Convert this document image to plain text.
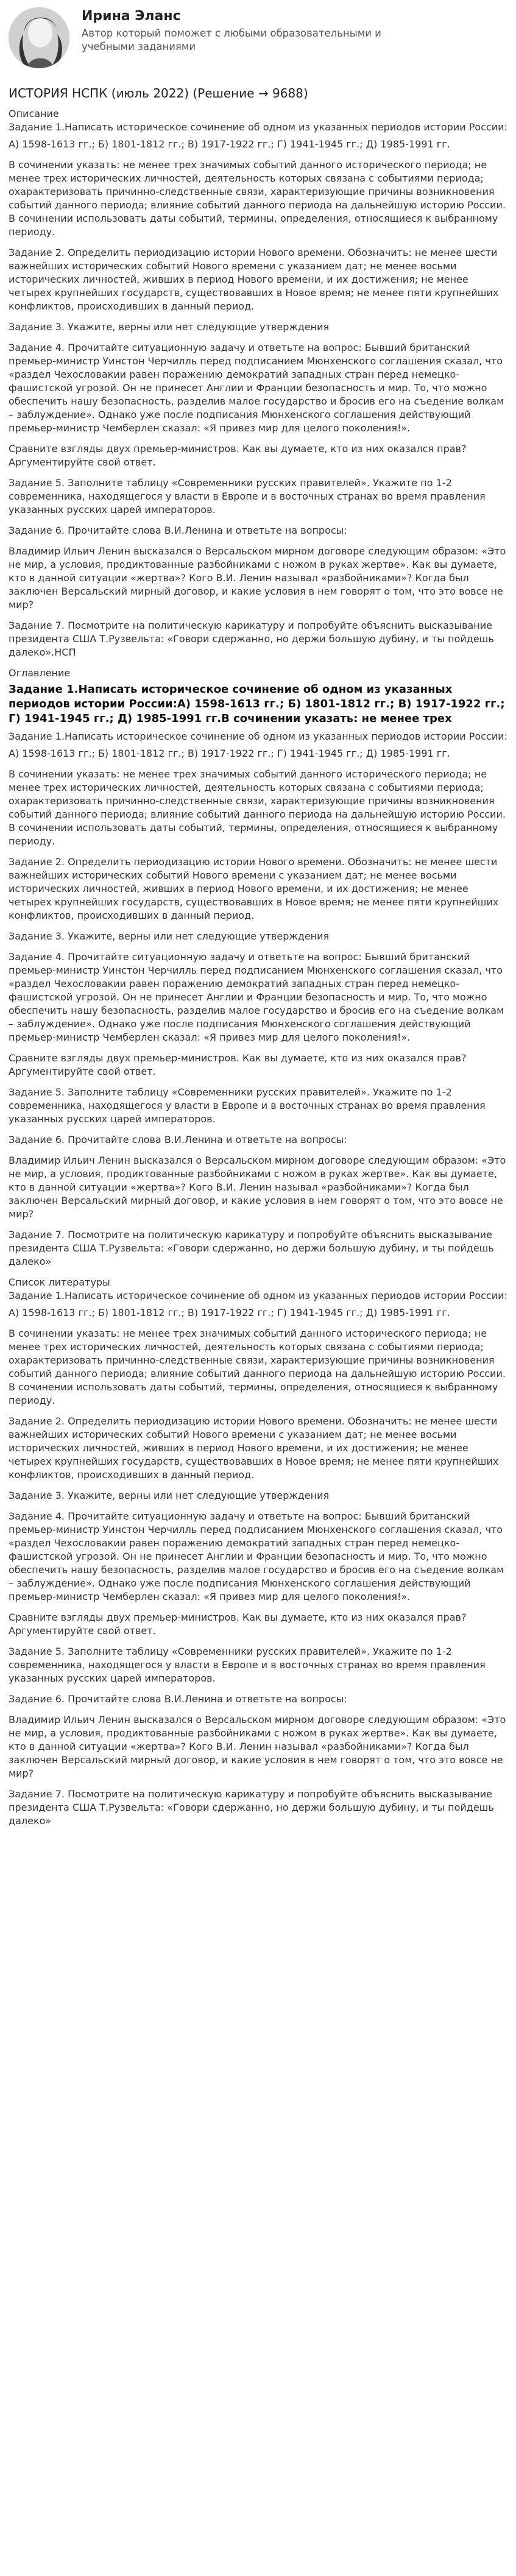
Ирина Эланс
Автор который поможет с любыми образовательными и учебными заданиями
ИСТОРИЯ НСПК (июль 2022) (Решение → 9688)
Описание
Задание 1.Написать историческое сочинение об одном из указанных периодов истории России:
А) 1598-1613 гг.; Б) 1801-1812 гг.; В) 1917-1922 гг.; Г) 1941-1945 гг.; Д) 1985-1991 гг.
В сочинении указать: не менее трех значимых событий данного исторического периода; не менее трех исторических личностей, деятельность которых связана с событиями периода; охарактеризовать причинно-следственные связи, характеризующие причины возникновения событий данного периода; влияние событий данного периода на дальнейшую историю России. В сочинении использовать даты событий, термины, определения, относящиеся к выбранному периоду.
Задание 2. Определить периодизацию истории Нового времени. Обозначить: не менее шести важнейших исторических событий Нового времени с указанием дат; не менее восьми исторических личностей, живших в период Нового времени, и их достижения; не менее четырех крупнейших государств, существовавших в Новое время; не менее пяти крупнейших конфликтов, происходивших в данный период.
Задание 3. Укажите, верны или нет следующие утверждения
Задание 4. Прочитайте ситуационную задачу и ответьте на вопрос: Бывший британский премьер-министр Уинстон Черчилль перед подписанием Мюнхенского соглашения сказал, что «раздел Чехословакии равен поражению демократий западных стран перед немецко-фашистской угрозой. Он не принесет Англии и Франции безопасность и мир. То, что можно обеспечить нашу безопасность, разделив малое государство и бросив его на съедение волкам – заблуждение». Однако уже после подписания Мюнхенского соглашения действующий премьер-министр Чемберлен сказал: «Я привез мир для целого поколения!».
Сравните взгляды двух премьер-министров. Как вы думаете, кто из них оказался прав? Аргументируйте свой ответ.
Задание 5. Заполните таблицу «Современники русских правителей». Укажите по 1-2 современника, находящегося у власти в Европе и в восточных странах во время правления указанных русских царей императоров.
Задание 6. Прочитайте слова В.И.Ленина и ответьте на вопросы:
Владимир Ильич Ленин высказался о Версальском мирном договоре следующим образом: «Это не мир, а условия, продиктованные разбойниками с ножом в руках жертве». Как вы думаете, кто в данной ситуации «жертва»? Кого В.И. Ленин называл «разбойниками»? Когда был заключен Версальский мирный договор, и какие условия в нем говорят о том, что это вовсе не мир?
Задание 7. Посмотрите на политическую карикатуру и попробуйте объяснить высказывание президента США Т.Рузвельта: «Говори сдержанно, но держи большую дубину, и ты пойдешь далеко».НСП
Оглавление
Задание 1.Написать историческое сочинение об одном из указанных периодов истории России:А) 1598-1613 гг.; Б) 1801-1812 гг.; В) 1917-1922 гг.; Г) 1941-1945 гг.; Д) 1985-1991 гг.В сочинении указать: не менее трех
Задание 1.Написать историческое сочинение об одном из указанных периодов истории России:
А) 1598-1613 гг.; Б) 1801-1812 гг.; В) 1917-1922 гг.; Г) 1941-1945 гг.; Д) 1985-1991 гг.
В сочинении указать: не менее трех значимых событий данного исторического периода; не менее трех исторических личностей, деятельность которых связана с событиями периода; охарактеризовать причинно-следственные связи, характеризующие причины возникновения событий данного периода; влияние событий данного периода на дальнейшую историю России. В сочинении использовать даты событий, термины, определения, относящиеся к выбранному периоду.
Задание 2. Определить периодизацию истории Нового времени. Обозначить: не менее шести важнейших исторических событий Нового времени с указанием дат; не менее восьми исторических личностей, живших в период Нового времени, и их достижения; не менее четырех крупнейших государств, существовавших в Новое время; не менее пяти крупнейших конфликтов, происходивших в данный период.
Задание 3. Укажите, верны или нет следующие утверждения
Задание 4. Прочитайте ситуационную задачу и ответьте на вопрос: Бывший британский премьер-министр Уинстон Черчилль перед подписанием Мюнхенского соглашения сказал, что «раздел Чехословакии равен поражению демократий западных стран перед немецко-фашистской угрозой. Он не принесет Англии и Франции безопасность и мир. То, что можно обеспечить нашу безопасность, разделив малое государство и бросив его на съедение волкам – заблуждение». Однако уже после подписания Мюнхенского соглашения действующий премьер-министр Чемберлен сказал: «Я привез мир для целого поколения!».
Сравните взгляды двух премьер-министров. Как вы думаете, кто из них оказался прав? Аргументируйте свой ответ.
Задание 5. Заполните таблицу «Современники русских правителей». Укажите по 1-2 современника, находящегося у власти в Европе и в восточных странах во время правления указанных русских царей императоров.
Задание 6. Прочитайте слова В.И.Ленина и ответьте на вопросы:
Владимир Ильич Ленин высказался о Версальском мирном договоре следующим образом: «Это не мир, а условия, продиктованные разбойниками с ножом в руках жертве». Как вы думаете, кто в данной ситуации «жертва»? Кого В.И. Ленин называл «разбойниками»? Когда был заключен Версальский мирный договор, и какие условия в нем говорят о том, что это вовсе не мир?
Задание 7. Посмотрите на политическую карикатуру и попробуйте объяснить высказывание президента США Т.Рузвельта: «Говори сдержанно, но держи большую дубину, и ты пойдешь далеко»
Список литературы
Задание 1.Написать историческое сочинение об одном из указанных периодов истории России:
А) 1598-1613 гг.; Б) 1801-1812 гг.; В) 1917-1922 гг.; Г) 1941-1945 гг.; Д) 1985-1991 гг.
В сочинении указать: не менее трех значимых событий данного исторического периода; не менее трех исторических личностей, деятельность которых связана с событиями периода; охарактеризовать причинно-следственные связи, характеризующие причины возникновения событий данного периода; влияние событий данного периода на дальнейшую историю России. В сочинении использовать даты событий, термины, определения, относящиеся к выбранному периоду.
Задание 2. Определить периодизацию истории Нового времени. Обозначить: не менее шести важнейших исторических событий Нового времени с указанием дат; не менее восьми исторических личностей, живших в период Нового времени, и их достижения; не менее четырех крупнейших государств, существовавших в Новое время; не менее пяти крупнейших конфликтов, происходивших в данный период.
Задание 3. Укажите, верны или нет следующие утверждения
Задание 4. Прочитайте ситуационную задачу и ответьте на вопрос: Бывший британский премьер-министр Уинстон Черчилль перед подписанием Мюнхенского соглашения сказал, что «раздел Чехословакии равен поражению демократий западных стран перед немецко-фашистской угрозой. Он не принесет Англии и Франции безопасность и мир. То, что можно обеспечить нашу безопасность, разделив малое государство и бросив его на съедение волкам – заблуждение». Однако уже после подписания Мюнхенского соглашения действующий премьер-министр Чемберлен сказал: «Я привез мир для целого поколения!».
Сравните взгляды двух премьер-министров. Как вы думаете, кто из них оказался прав? Аргументируйте свой ответ.
Задание 5. Заполните таблицу «Современники русских правителей». Укажите по 1-2 современника, находящегося у власти в Европе и в восточных странах во время правления указанных русских царей императоров.
Задание 6. Прочитайте слова В.И.Ленина и ответьте на вопросы:
Владимир Ильич Ленин высказался о Версальском мирном договоре следующим образом: «Это не мир, а условия, продиктованные разбойниками с ножом в руках жертве». Как вы думаете, кто в данной ситуации «жертва»? Кого В.И. Ленин называл «разбойниками»? Когда был заключен Версальский мирный договор, и какие условия в нем говорят о том, что это вовсе не мир?
Задание 7. Посмотрите на политическую карикатуру и попробуйте объяснить высказывание президента США Т.Рузвельта: «Говори сдержанно, но держи большую дубину, и ты пойдешь далеко»
